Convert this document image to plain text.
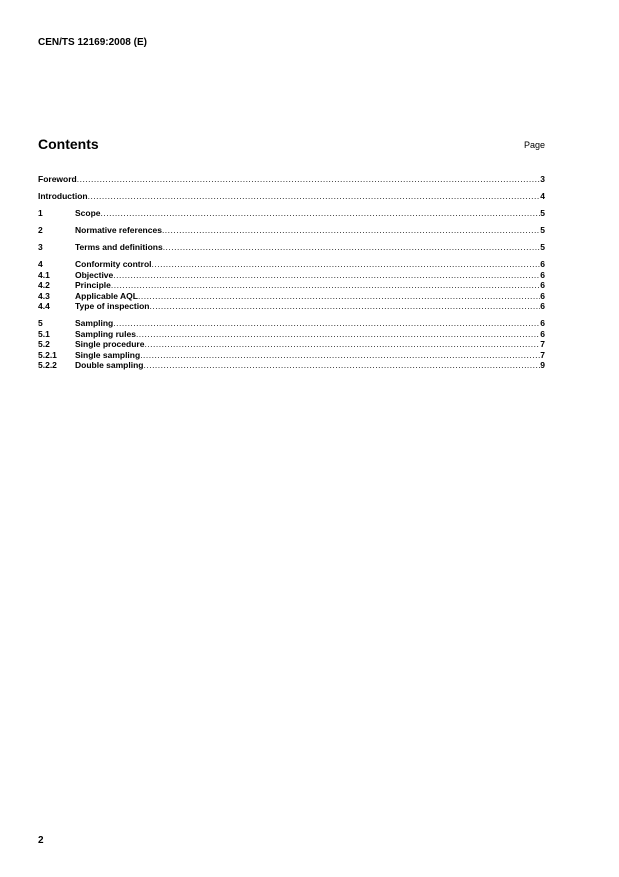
CEN/TS 12169:2008 (E)
Contents	Page
Foreword .....	3
Introduction .....	4
1	Scope .....	5
2	Normative references .....	5
3	Terms and definitions .....	5
4	Conformity control .....	6
4.1	Objective .....	6
4.2	Principle .....	6
4.3	Applicable AQL .....	6
4.4	Type of inspection .....	6
5	Sampling .....	6
5.1	Sampling rules .....	6
5.2	Single procedure .....	7
5.2.1	Single sampling .....	7
5.2.2	Double sampling .....	9
2
